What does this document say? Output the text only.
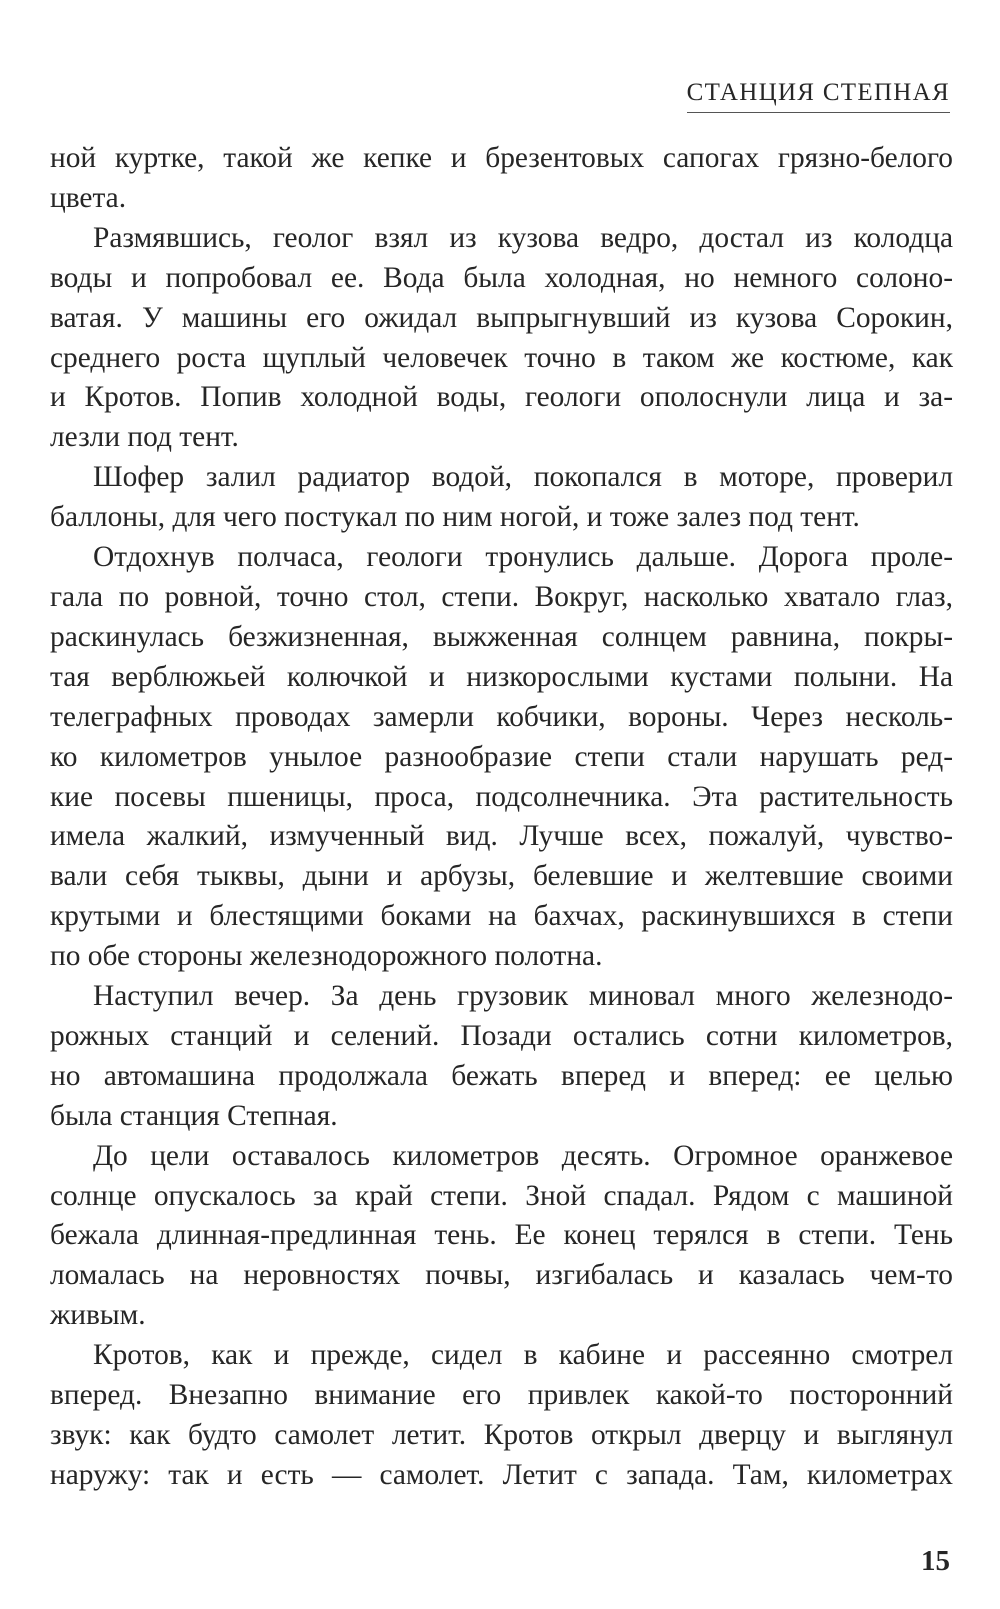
СТАНЦИЯ СТЕПНАЯ
ной куртке, такой же кепке и брезентовых сапогах грязно-белого
цвета.
Размявшись, геолог взял из кузова ведро, достал из колодца
воды и попробовал ее. Вода была холодная, но немного солоно-
ватая. У машины его ожидал выпрыгнувший из кузова Сорокин,
среднего роста щуплый человечек точно в таком же костюме, как
и Кротов. Попив холодной воды, геологи ополоснули лица и за-
лезли под тент.
Шофер залил радиатор водой, покопался в моторе, проверил
баллоны, для чего постукал по ним ногой, и тоже залез под тент.
Отдохнув полчаса, геологи тронулись дальше. Дорога проле-
гала по ровной, точно стол, степи. Вокруг, насколько хватало глаз,
раскинулась безжизненная, выжженная солнцем равнина, покры-
тая верблюжьей колючкой и низкорослыми кустами полыни. На
телеграфных проводах замерли кобчики, вороны. Через несколь-
ко километров унылое разнообразие степи стали нарушать ред-
кие посевы пшеницы, проса, подсолнечника. Эта растительность
имела жалкий, измученный вид. Лучше всех, пожалуй, чувство-
вали себя тыквы, дыни и арбузы, белевшие и желтевшие своими
крутыми и блестящими боками на бахчах, раскинувшихся в степи
по обе стороны железнодорожного полотна.
Наступил вечер. За день грузовик миновал много железнодо-
рожных станций и селений. Позади остались сотни километров,
но автомашина продолжала бежать вперед и вперед: ее целью
была станция Степная.
До цели оставалось километров десять. Огромное оранжевое
солнце опускалось за край степи. Зной спадал. Рядом с машиной
бежала длинная-предлинная тень. Ее конец терялся в степи. Тень
ломалась на неровностях почвы, изгибалась и казалась чем-то
живым.
Кротов, как и прежде, сидел в кабине и рассеянно смотрел
вперед. Внезапно внимание его привлек какой-то посторонний
звук: как будто самолет летит. Кротов открыл дверцу и выглянул
наружу: так и есть — самолет. Летит с запада. Там, километрах
15
